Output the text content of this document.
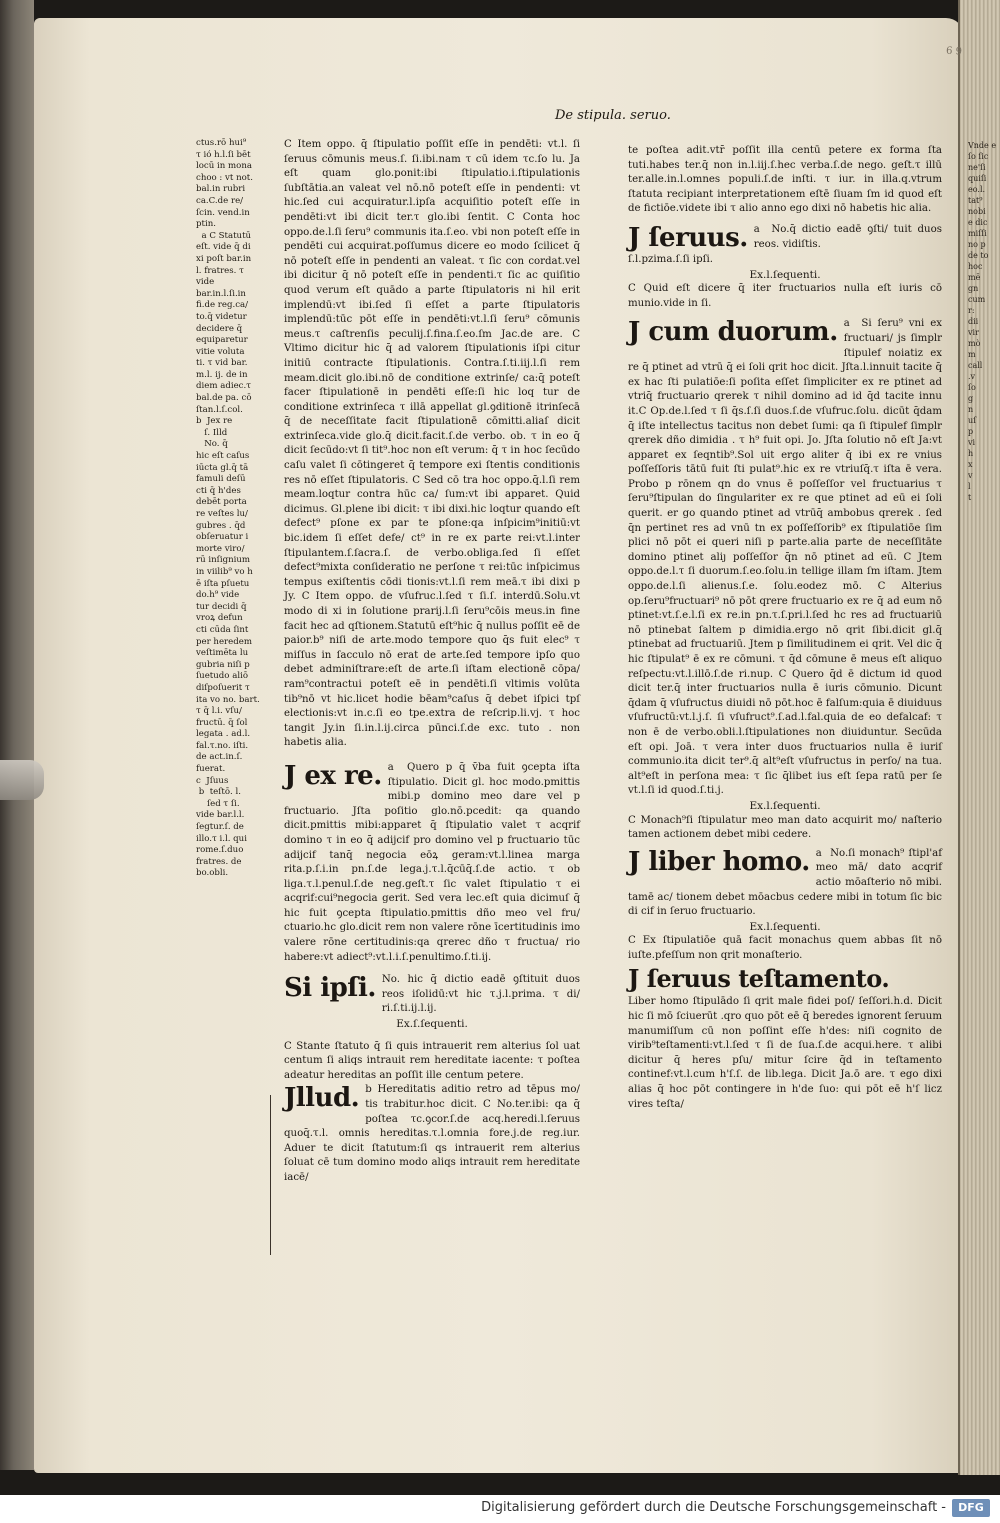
Vnde e
ſo ſic
ne'ſi
quiſi
eo.l.
tat⁹
nobi
e dic
miſſi
no p
de to
hoc
mē
gn
cum
r:
dii
vir
mò
m
call
.v
ſo
g
n
uſ
p
vi
h
x
v
l
t
6 9
De stipula. seruo.
ctus.rō hui⁹
τ ió h.l.ſi bēt
locū in mona
choo : vt not.
bal.in rubri
ca.C.de re/
ſcin. vend.in
ptin.
a C Statutū
eſt. vide q̄ di
xi poſt bar.in
l. fratres. τ vide
bar.in.l.ſi.in
fi.de reg.ca/
to.q̄ videtur
decidere q̄
equiparetur
vitie voluta
ti. τ vid bar.
m.l. ij. de in
diem adiec.τ
bal.de pa. cō
ſtan.l.ſ.col.
b  Jex re
ſ. Illd
No. q̄
hic eſt caſus
iūcta gl.q̄ tā
famuli deſū
cti q̄ h'des
debēt porta
re veſtes lu/
gubres . q̄d
obſeruatur i
morte viro/
rū inſignium
in viilib⁹ vo h
ē iſta pſuetu
do.h⁹ vide
tur decidi q̄
vroꝝ defun
cti cūda ſint
per heredem
veſtimēta lu
gubria niſi p
ſuetudo aliō
diſpoſuerit τ
ita vo no. bart.
τ q̄ l.i. vſu/
fructū. q̄ ſol
legata . ad.l.
fal.τ.no. iſti.
de act.in.ſ.
fuerat.
c  Jſuus
b  teſtō. l.
ſed τ ſi.
vide bar.l.l.
ſegtur.ſ. de
illo.τ i.l. qui
rome.ſ.duo
fratres. de
bo.obli.

C Item oppo. q̄ ſtipulatio poſſit eſſe in pendēti: vt.l. ſi ſeruus cōmunis meus.ſ. ſi.ibi.nam τ cū idem τc.ſo lu. Ja eſt quam glo.ponit:ibi ſtipulatio.i.ſtipulationis ſubſtātia.an valeat vel nō.nō poteſt eſſe in pendenti: vt hic.ſed cui acquiratur.l.ipſa acquiſitio poteſt eſſe in pendēti:vt ibi dicit ter.τ glo.ibi ſentit. C Conta hoc oppo.de.l.ſi ſeru⁹ communis ita.ſ.eo. vbi non poteſt eſſe in pendēti cui acquirat.poſſumus dicere eo modo ſcilicet q̄ nō poteſt eſſe in pendenti an valeat. τ ſic con cordat.vel ibi dicitur q̄ nō poteſt eſſe in pendenti.τ ſic ac quiſitio quod verum eſt quādo a parte ſtipulatoris ni hil erit implendū:vt ibi.ſed ſi eſſet a parte ſtipulatoris implendū:tūc pōt eſſe in pendēti:vt.l.ſi ſeru⁹ cōmunis meus.τ caſtrenſis peculij.ſ.fina.ſ.eo.ſm Jac.de are. C Vltimo dicitur hic q̄ ad valorem ſtipulationis iſpi citur initiū contracte ſtipulationis. Contra.ſ.ti.iij.l.ſi rem meam.dicit glo.ibi.nō de conditione extrinſe/ ca:q̄ poteſt facer ſtipulationē in pendēti eſſe:ſi hic loq tur de conditione extrinſeca τ illā appellat gl.ꝯditionē itrinſecā q̄ de neceſſitate facit ſtipulationē cōmitti.aliaſ dicit extrinſeca.vide glo.q̄ dicit.facit.ſ.de verbo. ob. τ in eo q̄ dicit ſecūdo:vt ſi tit⁹.hoc non eſt verum: q̄ τ in hoc ſecūdo caſu valet ſi cōtingeret q̄ tempore exi ſtentis conditionis res nō eſſet ſtipulatoris. C Sed cō tra hoc oppo.q̄.l.ſi rem meam.loqtur contra hūc ca/ ſum:vt ibi apparet. Quid dicimus. Gl.plene ibi dicit: τ ibi dixi.hic loqtur quando eſt defect⁹ pſone ex par te pſone:qa inſpicim⁹initiū:vt bic.idem ſi eſſet defe/ ct⁹ in re ex parte rei:vt.l.inter ſtipulantem.ſ.ſacra.ſ. de verbo.obliga.ſed ſi eſſet defect⁹mixta conſideratio ne perſone τ rei:tūc inſpicimus tempus exiſtentis cōdi tionis:vt.l.ſi rem meā.τ ibi dixi p Jy. C Item oppo. de vſufruc.l.ſed τ ſi.ſ. interdū.Solu.vt modo di xi in ſolutione prarij.l.ſi ſeru⁹cōis meus.in fine facit hec ad qſtionem.Statutū eſt⁹hic q̄ nullus poſſit eē de paior.b⁹ niſi de arte.modo tempore quo q̄s fuit elec⁹ τ miſſus in ſacculo nō erat de arte.ſed tempore ipſo quo debet adminiſtrare:eſt de arte.ſi iſtam electionē cōpa/ ram⁹contractui poteſt eē in pendēti.ſi vltimis volūta tib⁹nō vt hic.licet hodie bēam⁹caſus q̄ debet iſpici tpſ electionis:vt in.c.ſi eo tpe.extra de reſcrip.li.vj. τ hoc tangit Jy.in ſi.in.l.ij.circa pūnci.ſ.de exc. tuto . non habetis alia.

a
J ex re. Quero p q̄ v̄ba fuit ꝯcepta iſta ſtipulatio. Dicit gl. hoc modo.pmittis mibi.p domino meo dare vel p fructuario. Jſta poſitio glo.nō.pcedit: qa quando dicit.pmittis mibi:apparet q̄ ſtipulatio valet τ acqrif domino τ in eo q̄ adijcif pro domino vel p fructuario tūc adijcif tanq̄ negocia eōꝝ geram:vt.l.linea marga rita.p.ſ.i.in pn.ſ.de lega.j.τ.l.q̄cūq̄.ſ.de actio. τ ob liga.τ.l.penul.ſ.de neg.geſt.τ ſic valet ſtipulatio τ ei acqrif:cui⁹negocia gerit. Sed vera lec.eſt quia dicimuſ q̄ hic fuit ꝯcepta ſtipulatio.pmittis dño meo vel fru/ ctuario.hc glo.dicit rem non valere rōne īcertitudinis imo valere rōne certitudinis:qa qrerec dño τ fructua/ rio habere:vt adiect⁹:vt.l.i.ſ.penultimo.ſ.ti.ij.

Si ipſi. No. hic q̄ dictio eadē ꝯſtituit duos reos iſolidū:vt hic τ.j.l.prima. τ di/ ri.ſ.ti.ij.l.ij.

Ex.ſ.ſequenti.

C Stante ſtatuto q̄ ſi quis intrauerit rem alterius ſol uat centum ſi aliqs intrauit rem hereditate iacente: τ poſtea adeatur hereditas an poſſit ille centum petere.

Jllud. b Hereditatis aditio retro ad tēpus mo/ tis trabitur.hoc dicit. C No.ter.ibi: qa q̄ poſtea τc.ꝯcor.ſ.de acq.heredi.l.ſeruus quoq̄.τ.l. omnis hereditas.τ.l.omnia fore.j.de reg.iur. Aduer te dicit ſtatutum:ſi qs intrauerit rem alterius ſoluat cē tum domino modo aliqs intrauit rem hereditate iacē/

te poſtea adit.vtr̄ poſſit illa centū petere ex forma ſta tuti.habes ter.q̄ non in.l.iij.ſ.hec verba.ſ.de nego. geſt.τ illū ter.alle.in.l.omnes populi.ſ.de inſti. τ iur. in illa.q.vtrum ſtatuta recipiant interpretationem eſtē ſiuam ſm id quod eſt de fictiōe.videte ibi τ alio anno ego dixi nō habetis hic alia.

a
J ſeruus. No.q̄ dictio eadē ꝯſti/ tuit duos reos. vidiſtis.

ſ.l.pzima.ſ.ſi ipſi.

Ex.l.ſequenti.

C Quid eſt dicere q̄ iter fructuarios nulla eſt iuris cō munio.vide in ſi.

a
J cum duorum. Si ſeru⁹ vni ex fructuari/ js ſimplr ſtipulef noiatiz ex re q̄ ptinet ad vtrū q̄ ei ſoli qrit hoc dicit. Jſta.l.innuit tacite q̄ ex hac ſti pulatiōe:ſi poſita eſſet ſimpliciter ex re ptinet ad vtriq̄ fructuario qrerek τ nihil domino ad id q̄d tacite innu it.C Op.de.l.ſed τ ſi q̄s.ſ.ſi duos.ſ.de vſufruc.ſolu. dicūt q̄dam q̄ iſte intellectus tacitus non debet ſumi: qa ſi ſtipulef ſimplr qrerek dño dimidia . τ h⁹ fuit opi. Jo. Jſta ſolutio nō eſt Ja:vt apparet ex ſeqntib⁹.Sol uit ergo aliter q̄ ibi ex re vnius poſſeſſoris tātū fuit ſti pulat⁹.hic ex re vtriuſq̄.τ iſta ē vera. Probo p rōnem qn do vnus ē poſſeſſor vel fructuarius τ ſeru⁹ſtipulan do ſingulariter ex re que ptinet ad eū ei ſoli querit. er go quando ptinet ad vtrūq̄ ambobus qrerek . ſed q̄n pertinet res ad vnū tn ex poſſeſſorib⁹ ex ſtipulatiōe ſim plici nō pōt ei queri niſi p parte.alia parte de neceſſitāte domino ptinet aliȷ poſſeſſor q̄n nō ptinet ad eū. C Jtem oppo.de.l.τ ſi duorum.ſ.eo.ſolu.in tellige illam ſm iſtam. Jtem oppo.de.l.ſi alienus.ſ.e. ſolu.eodez mō. C Alterius op.ſeru⁹fructuari⁹ nō pōt qrere fructuario ex re q̄ ad eum nō ptinet:vt.ſ.e.l.ſi ex re.in pn.τ.ſ.pri.l.ſed hc res ad fructuariū nō ptinebat ſaltem p dimidia.ergo nō qrit ſibi.dicit gl.q̄ ptinebat ad fructuariū. Jtem p ſimilitudinem ei qrit. Vel dic q̄ hic ſtipulat⁹ ē ex re cōmuni. τ q̄d cōmune ē meus eſt aliquo reſpectu:vt.l.illō.ſ.de ri.nup. C Quero q̄d ē dictum id quod dicit ter.q̄ inter fructuarios nulla ē iuris cōmunio. Dicunt q̄dam q̄ vſufructus diuidi nō pōt.hoc ē falſum:quia ē diuiduus vſufructū:vt.l.j.ſ. ſi vſufruct⁹.ſ.ad.l.fal.quia de eo defalcaf: τ non ē de verbo.obli.l.ſtipulationes non diuiduntur. Secūda eſt opi. Joā. τ vera inter duos fructuarios nulla ē iuriſ communio.ita dicit ter⁹.q̄ alt⁹eſt vſufructus in perſo/ na tua. alt⁹eſt in perſona mea: τ ſic q̄libet ius eſt ſepa ratū per ſe vt.l.ſi id quod.ſ.ti.j.

Ex.l.ſequenti.

C Monach⁹ſi ſtipulatur meo man dato acquirit mo/ naſterio tamen actionem debet mibi cedere.

a
J liber homo. No.ſi monach⁹ ſtipl'af meo mā/ dato acqrif actio mōaſterio nō mibi. tamē ac/ tionem debet mōacbus cedere mibi in totum ſic bic di cif in ſeruo fructuario.

Ex.l.ſequenti.

C Ex ſtipulatiōe quā facit monachus quem abbas ſit nō iuſte.pfeſſum non qrit monaſterio.

J ſeruus teſtamento.

Liber homo ſtipulādo ſi qrit male fidei poſ/ ſeſſori.h.d. Dicit hic ſi mō ſciuerūt .qro quo pōt eē q̄ beredes ignorent ſeruum manumiſſum cū non poſſint eſſe h'des: niſi cognito de virib⁹teſtamenti:vt.l.ſed τ ſi de ſua.ſ.de acqui.here. τ alibi dicitur q̄ heres pſu/ mitur ſcire q̄d in teſtamento continef:vt.l.cum h'ſ.ſ. de lib.lega. Dicit Ja.ō are. τ ego dixi alias q̄ hoc pōt contingere in h'de ſuo: qui pōt eē h'ſ licz vires teſta/

Digitalisierung gefördert durch die Deutsche Forschungsgemeinschaft -	DFG
